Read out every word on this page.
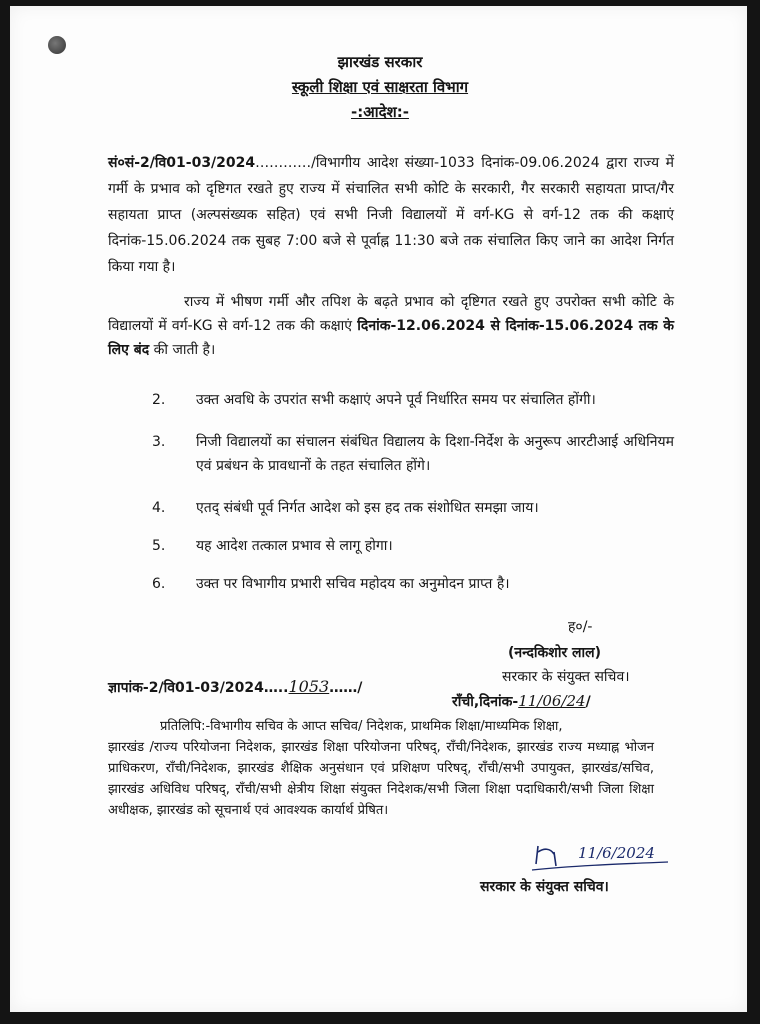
झारखंड सरकार
स्कूली शिक्षा एवं साक्षरता विभाग
-:आदेश:-
सं०सं-2/वि01-03/2024…………/विभागीय आदेश संख्या-1033 दिनांक-09.06.2024 द्वारा राज्य में गर्मी के प्रभाव को दृष्टिगत रखते हुए राज्य में संचालित सभी कोटि के सरकारी, गैर सरकारी सहायता प्राप्त/गैर सहायता प्राप्त (अल्पसंख्यक सहित) एवं सभी निजी विद्यालयों में वर्ग-KG से वर्ग-12 तक की कक्षाएं दिनांक-15.06.2024 तक सुबह 7:00 बजे से पूर्वाह्न 11:30 बजे तक संचालित किए जाने का आदेश निर्गत किया गया है।
राज्य में भीषण गर्मी और तपिश के बढ़ते प्रभाव को दृष्टिगत रखते हुए उपरोक्त सभी कोटि के विद्यालयों में वर्ग-KG से वर्ग-12 तक की कक्षाएं दिनांक-12.06.2024 से दिनांक-15.06.2024 तक के लिए बंद की जाती है।
2.	उक्त अवधि के उपरांत सभी कक्षाएं अपने पूर्व निर्धारित समय पर संचालित होंगी।
3.	निजी विद्यालयों का संचालन संबंधित विद्यालय के दिशा-निर्देश के अनुरूप आरटीआई अधिनियम एवं प्रबंधन के प्रावधानों के तहत संचालित होंगे।
4.	एतद् संबंधी पूर्व निर्गत आदेश को इस हद तक संशोधित समझा जाय।
5.	यह आदेश तत्काल प्रभाव से लागू होगा।
6.	उक्त पर विभागीय प्रभारी सचिव महोदय का अनुमोदन प्राप्त है।
ह०/-
(नन्दकिशोर लाल)
सरकार के संयुक्त सचिव।
ज्ञापांक-2/वि01-03/2024…..1053……/
रॉंची,दिनांक-11/06/24/
प्रतिलिपि:-विभागीय सचिव के आप्त सचिव/ निदेशक, प्राथमिक शिक्षा/माध्यमिक शिक्षा,
झारखंड /राज्य परियोजना निदेशक, झारखंड शिक्षा परियोजना परिषद्, रॉंची/निदेशक, झारखंड राज्य मध्याह्न भोजन प्राधिकरण, रॉंची/निदेशक, झारखंड शैक्षिक अनुसंधान एवं प्रशिक्षण परिषद्, रॉंची/सभी उपायुक्त, झारखंड/सचिव, झारखंड अधिविध परिषद्, रॉंची/सभी क्षेत्रीय शिक्षा संयुक्त निदेशक/सभी जिला शिक्षा पदाधिकारी/सभी जिला शिक्षा अधीक्षक, झारखंड को सूचनार्थ एवं आवश्यक कार्यार्थ प्रेषित।
11/6/2024
सरकार के संयुक्त सचिव।
